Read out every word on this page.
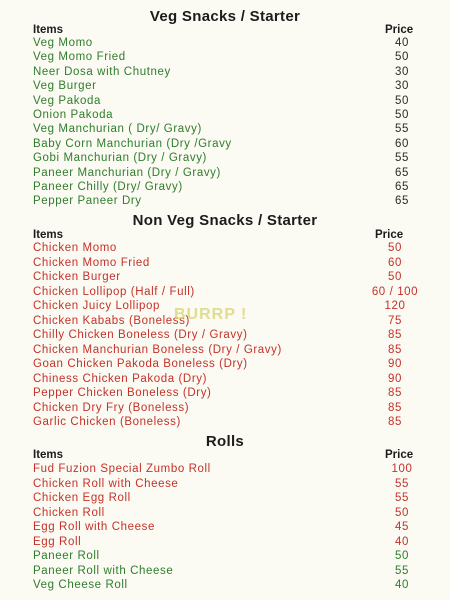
Veg Snacks / Starter
Items	Price
Veg Momo	40
Veg Momo Fried	50
Neer Dosa with Chutney	30
Veg Burger	30
Veg Pakoda	50
Onion Pakoda	50
Veg Manchurian ( Dry/ Gravy)	55
Baby Corn Manchurian (Dry /Gravy	60
Gobi Manchurian (Dry / Gravy)	55
Paneer Manchurian (Dry / Gravy)	65
Paneer Chilly (Dry/ Gravy)	65
Pepper Paneer Dry	65
Non Veg Snacks / Starter
Items	Price
Chicken Momo	50
Chicken Momo Fried	60
Chicken Burger	50
Chicken Lollipop (Half / Full)	60 / 100
Chicken Juicy Lollipop	120
Chicken Kababs (Boneless)	75
Chilly Chicken Boneless (Dry / Gravy)	85
Chicken Manchurian Boneless (Dry / Gravy)	85
Goan Chicken Pakoda Boneless (Dry)	90
Chiness Chicken Pakoda (Dry)	90
Pepper Chicken Boneless (Dry)	85
Chicken Dry Fry (Boneless)	85
Garlic Chicken (Boneless)	85
Rolls
Items	Price
Fud Fuzion Special Zumbo Roll	100
Chicken Roll with Cheese	55
Chicken Egg Roll	55
Chicken Roll	50
Egg Roll with Cheese	45
Egg Roll	40
Paneer Roll	50
Paneer Roll with Cheese	55
Veg Cheese Roll	40
BURRP !
